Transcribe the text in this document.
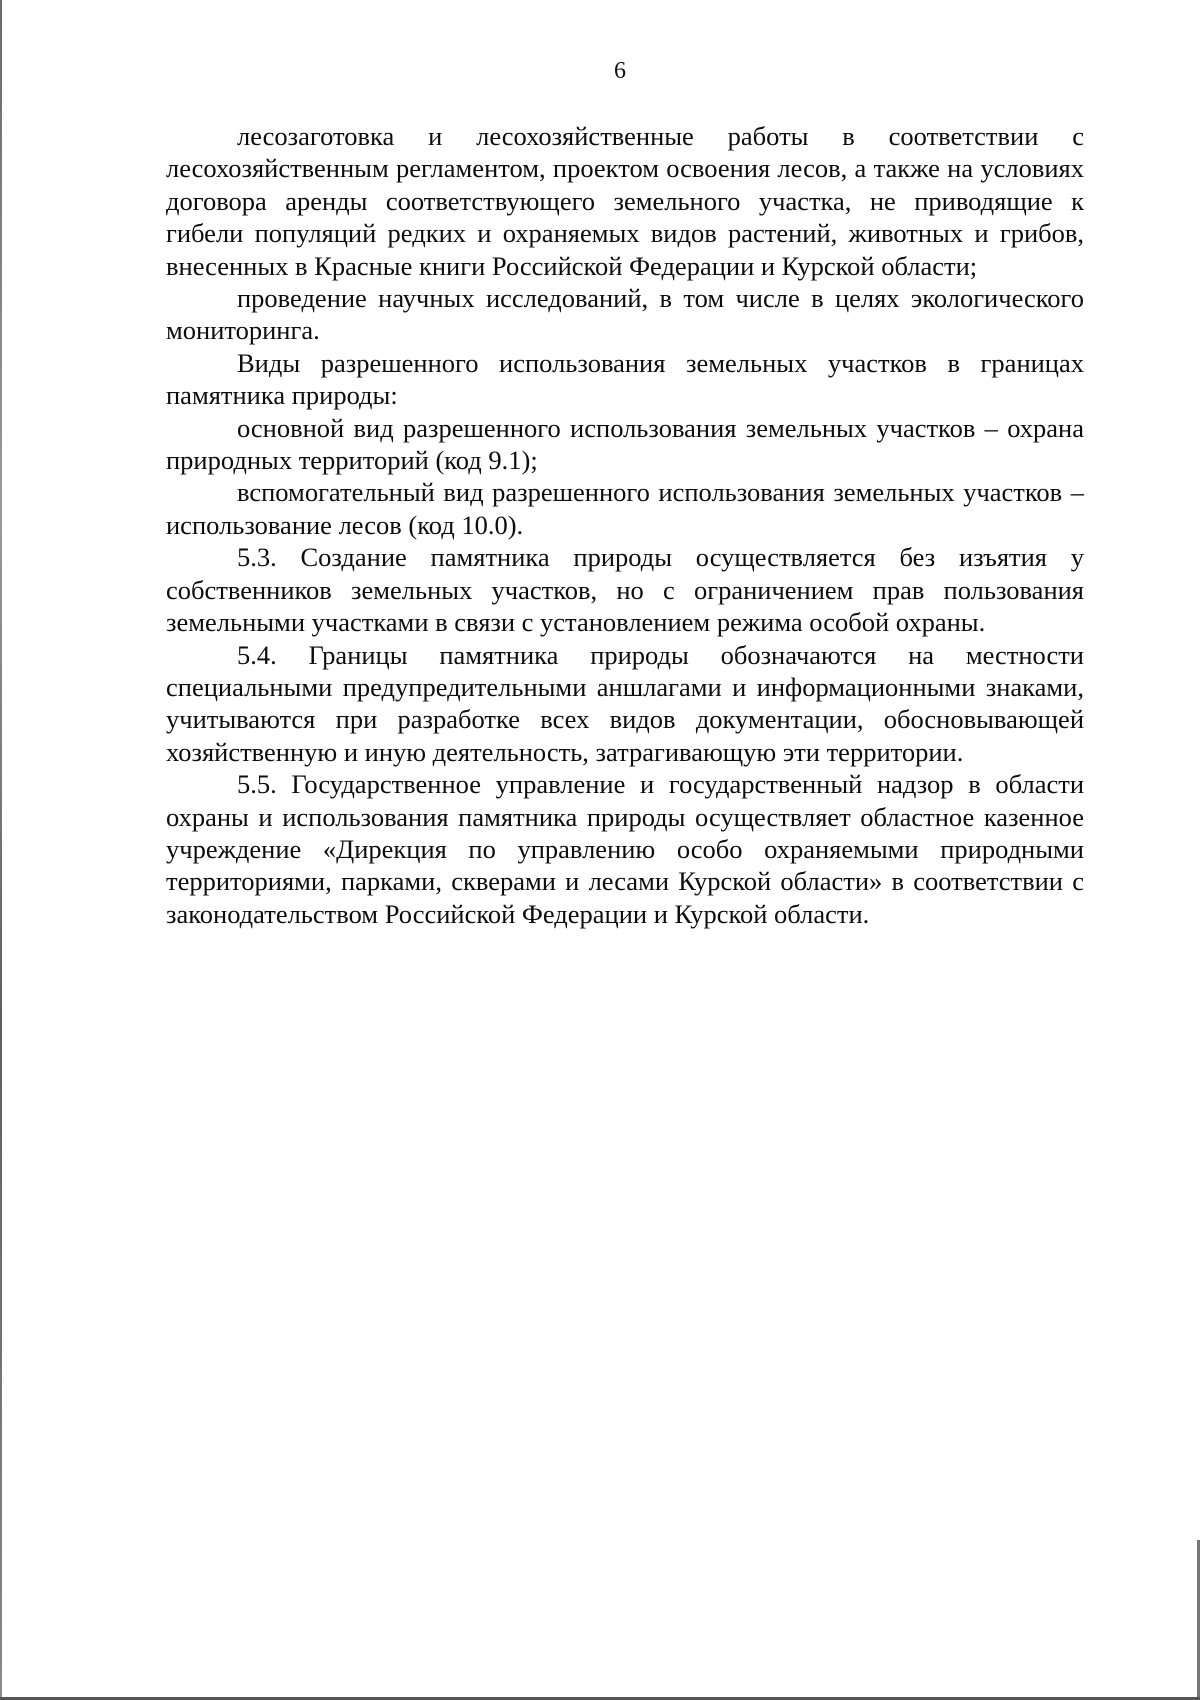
6

лесозаготовка и лесохозяйственные работы в соответствии с лесохозяйственным регламентом, проектом освоения лесов, а также на условиях договора аренды соответствующего земельного участка, не приводящие к гибели популяций редких и охраняемых видов растений, животных и грибов, внесенных в Красные книги Российской Федерации и Курской области;

проведение научных исследований, в том числе в целях экологического мониторинга.

Виды разрешенного использования земельных участков в границах памятника природы:

основной вид разрешенного использования земельных участков – охрана природных территорий (код 9.1);

вспомогательный вид разрешенного использования земельных участков – использование лесов (код 10.0).

5.3. Создание памятника природы осуществляется без изъятия у собственников земельных участков, но с ограничением прав пользования земельными участками в связи с установлением режима особой охраны.

5.4. Границы памятника природы обозначаются на местности специальными предупредительными аншлагами и информационными знаками, учитываются при разработке всех видов документации, обосновывающей хозяйственную и иную деятельность, затрагивающую эти территории.

5.5. Государственное управление и государственный надзор в области охраны и использования памятника природы осуществляет областное казенное учреждение «Дирекция по управлению особо охраняемыми природными территориями, парками, скверами и лесами Курской области» в соответствии с законодательством Российской Федерации и Курской области.
